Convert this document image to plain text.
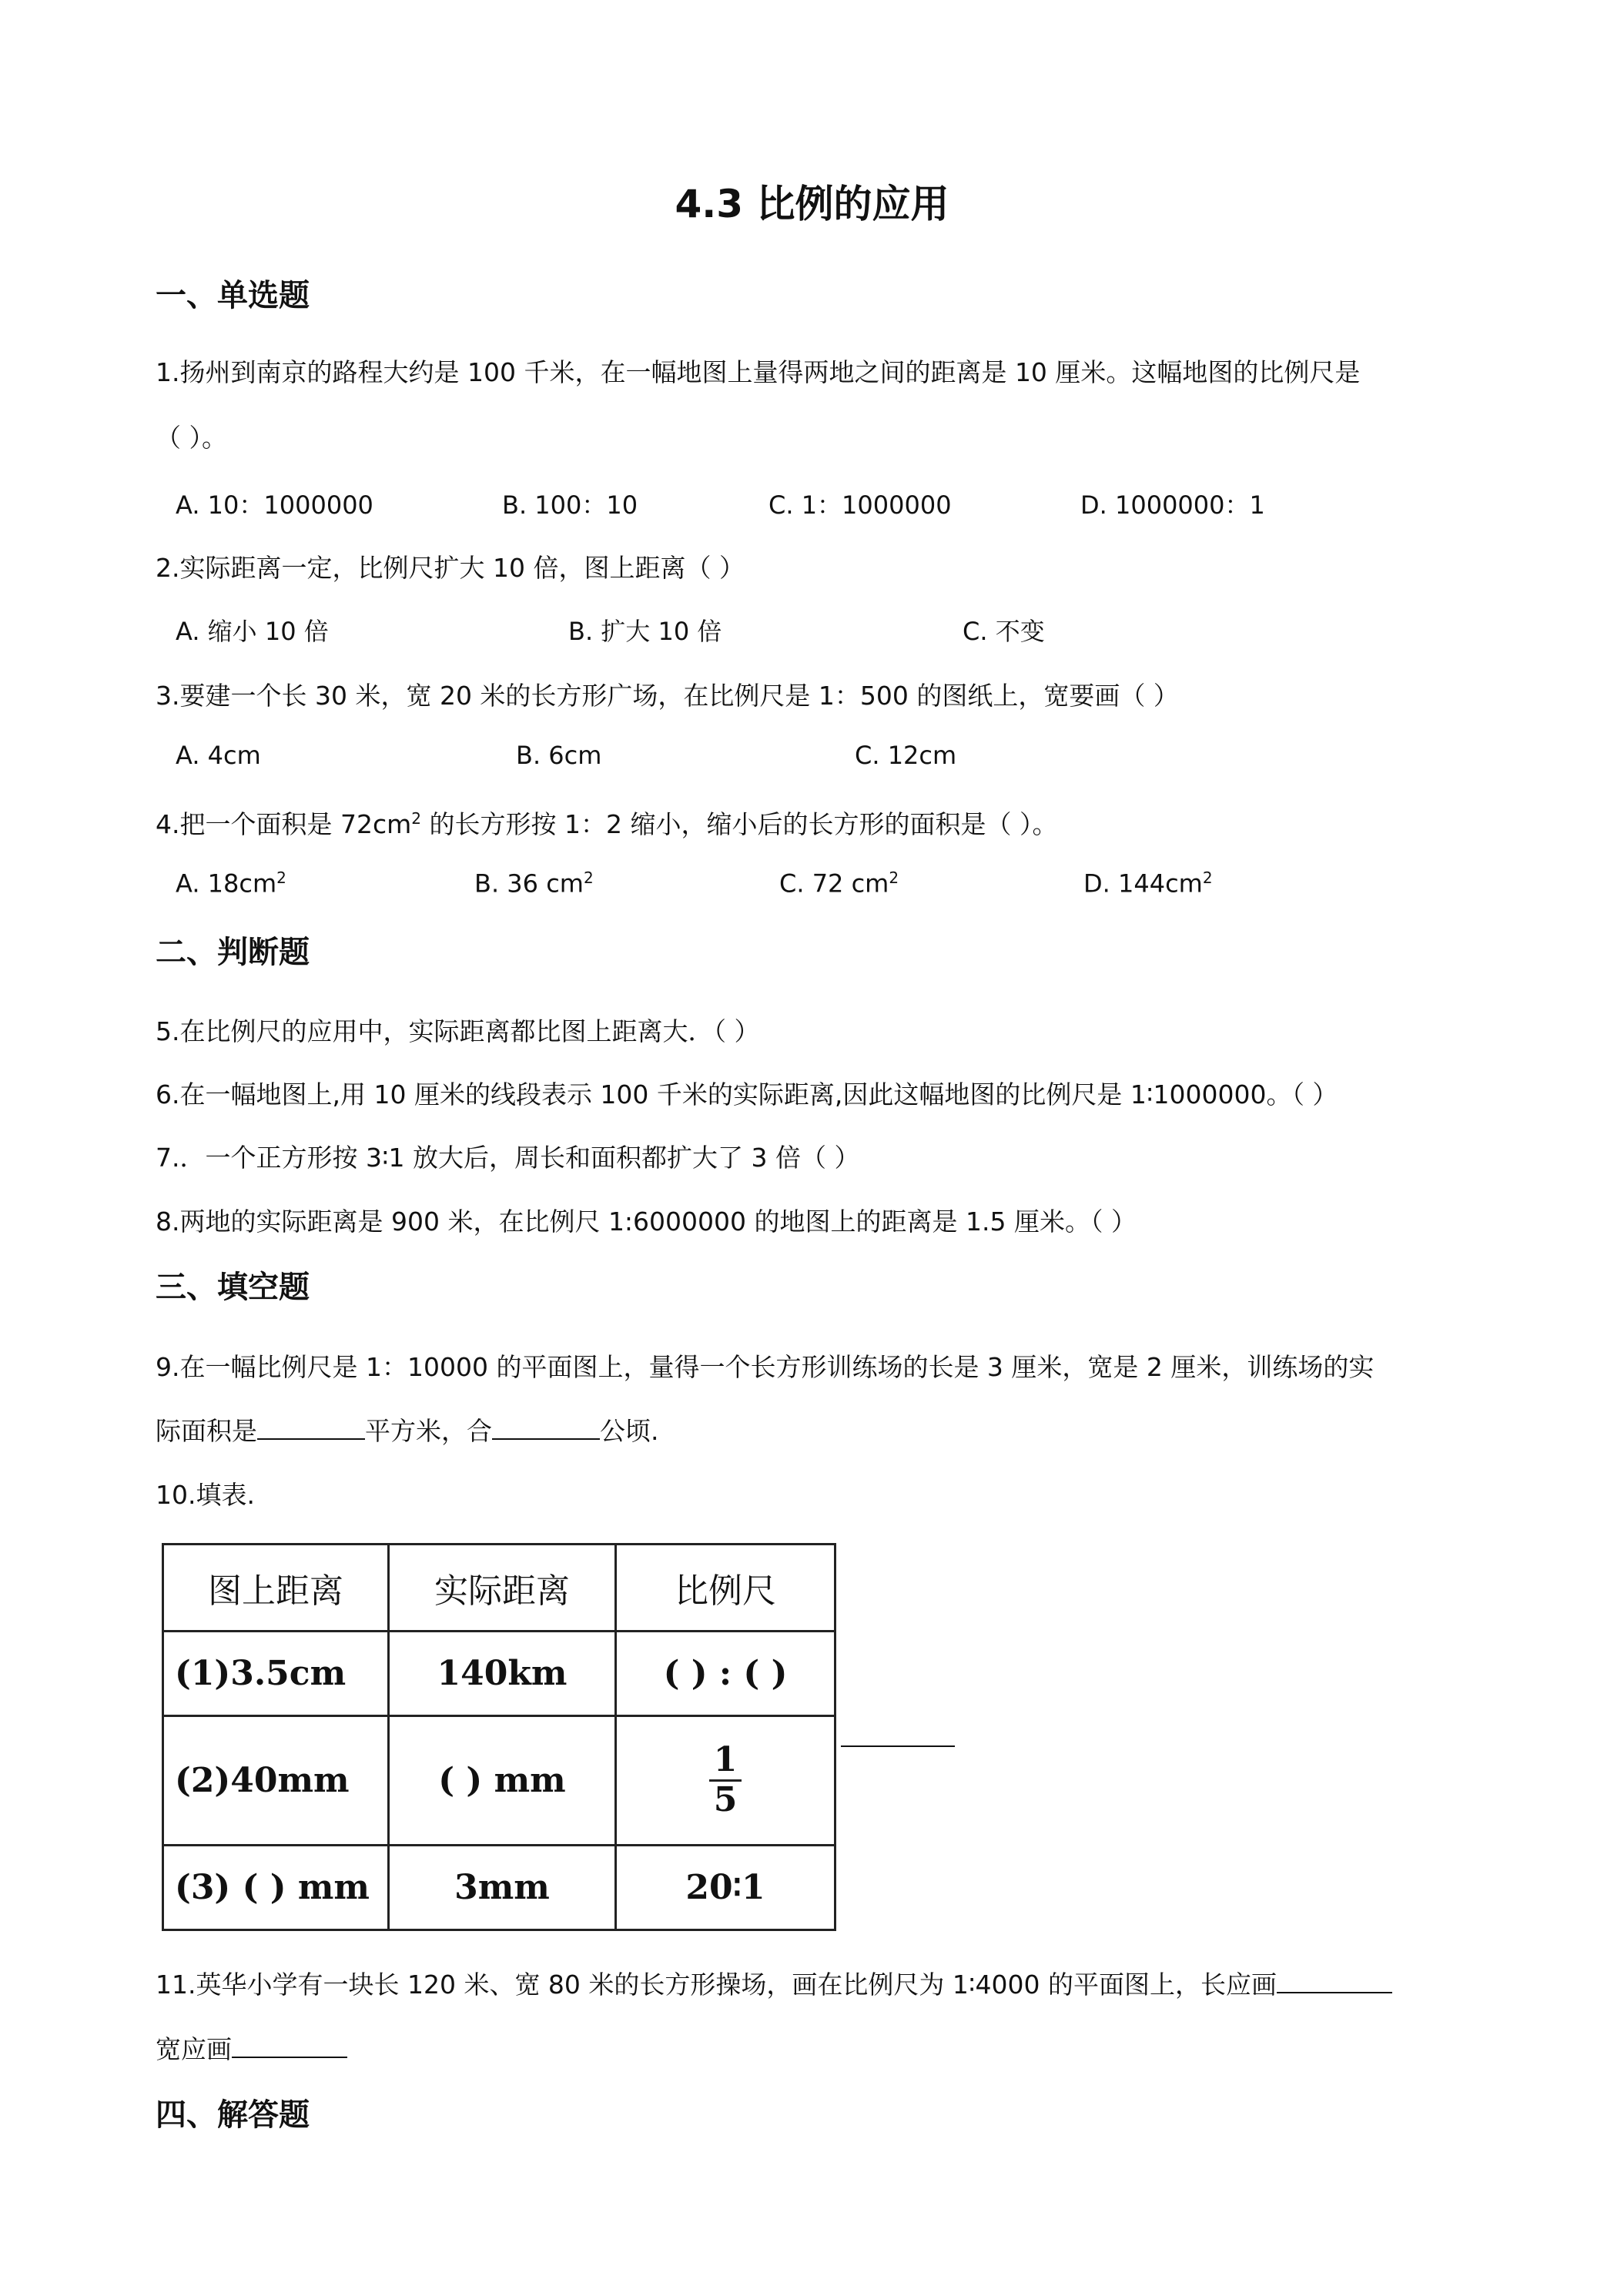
4.3 比例的应用
一、单选题
1.扬州到南京的路程大约是 100 千米，在一幅地图上量得两地之间的距离是 10 厘米。这幅地图的比例尺是
（ ）。
A. 10：1000000	B. 100：10	C. 1：1000000	D. 1000000：1
2.实际距离一定，比例尺扩大 10 倍，图上距离（ ）
A. 缩小 10 倍	B. 扩大 10 倍	C. 不变
3.要建一个长 30 米，宽 20 米的长方形广场，在比例尺是 1：500 的图纸上，宽要画（ ）
A. 4cm	B. 6cm	C. 12cm
4.把一个面积是 $72cm^2$ 的长方形按 1：2 缩小，缩小后的长方形的面积是（ ）。
A. $18cm^2$	B. 36 $cm^2$	C. 72 $cm^2$	D. $144cm^2$
二、判断题
5.在比例尺的应用中，实际距离都比图上距离大．（ ）
6.在一幅地图上,用 10 厘米的线段表示 100 千米的实际距离,因此这幅地图的比例尺是 1∶1000000。（ ）
7.．一个正方形按 3∶1 放大后，周长和面积都扩大了 3 倍（ ）
8.两地的实际距离是 900 米，在比例尺 1:6000000 的地图上的距离是 1.5 厘米。（ ）
三、填空题
9.在一幅比例尺是 1：10000 的平面图上，量得一个长方形训练场的长是 3 厘米，宽是 2 厘米，训练场的实
际面积是	平方米，合	公顷.
10.填表.
图上距离	实际距离	比例尺
(1)3.5cm	140km	( ) : ( )
(2)40mm	( ) mm	$\frac{1}{5}$

(3) ( ) mm	3mm	20∶1
11.英华小学有一块长 120 米、宽 80 米的长方形操场，画在比例尺为 1∶4000 的平面图上，长应画
宽应画
四、解答题
